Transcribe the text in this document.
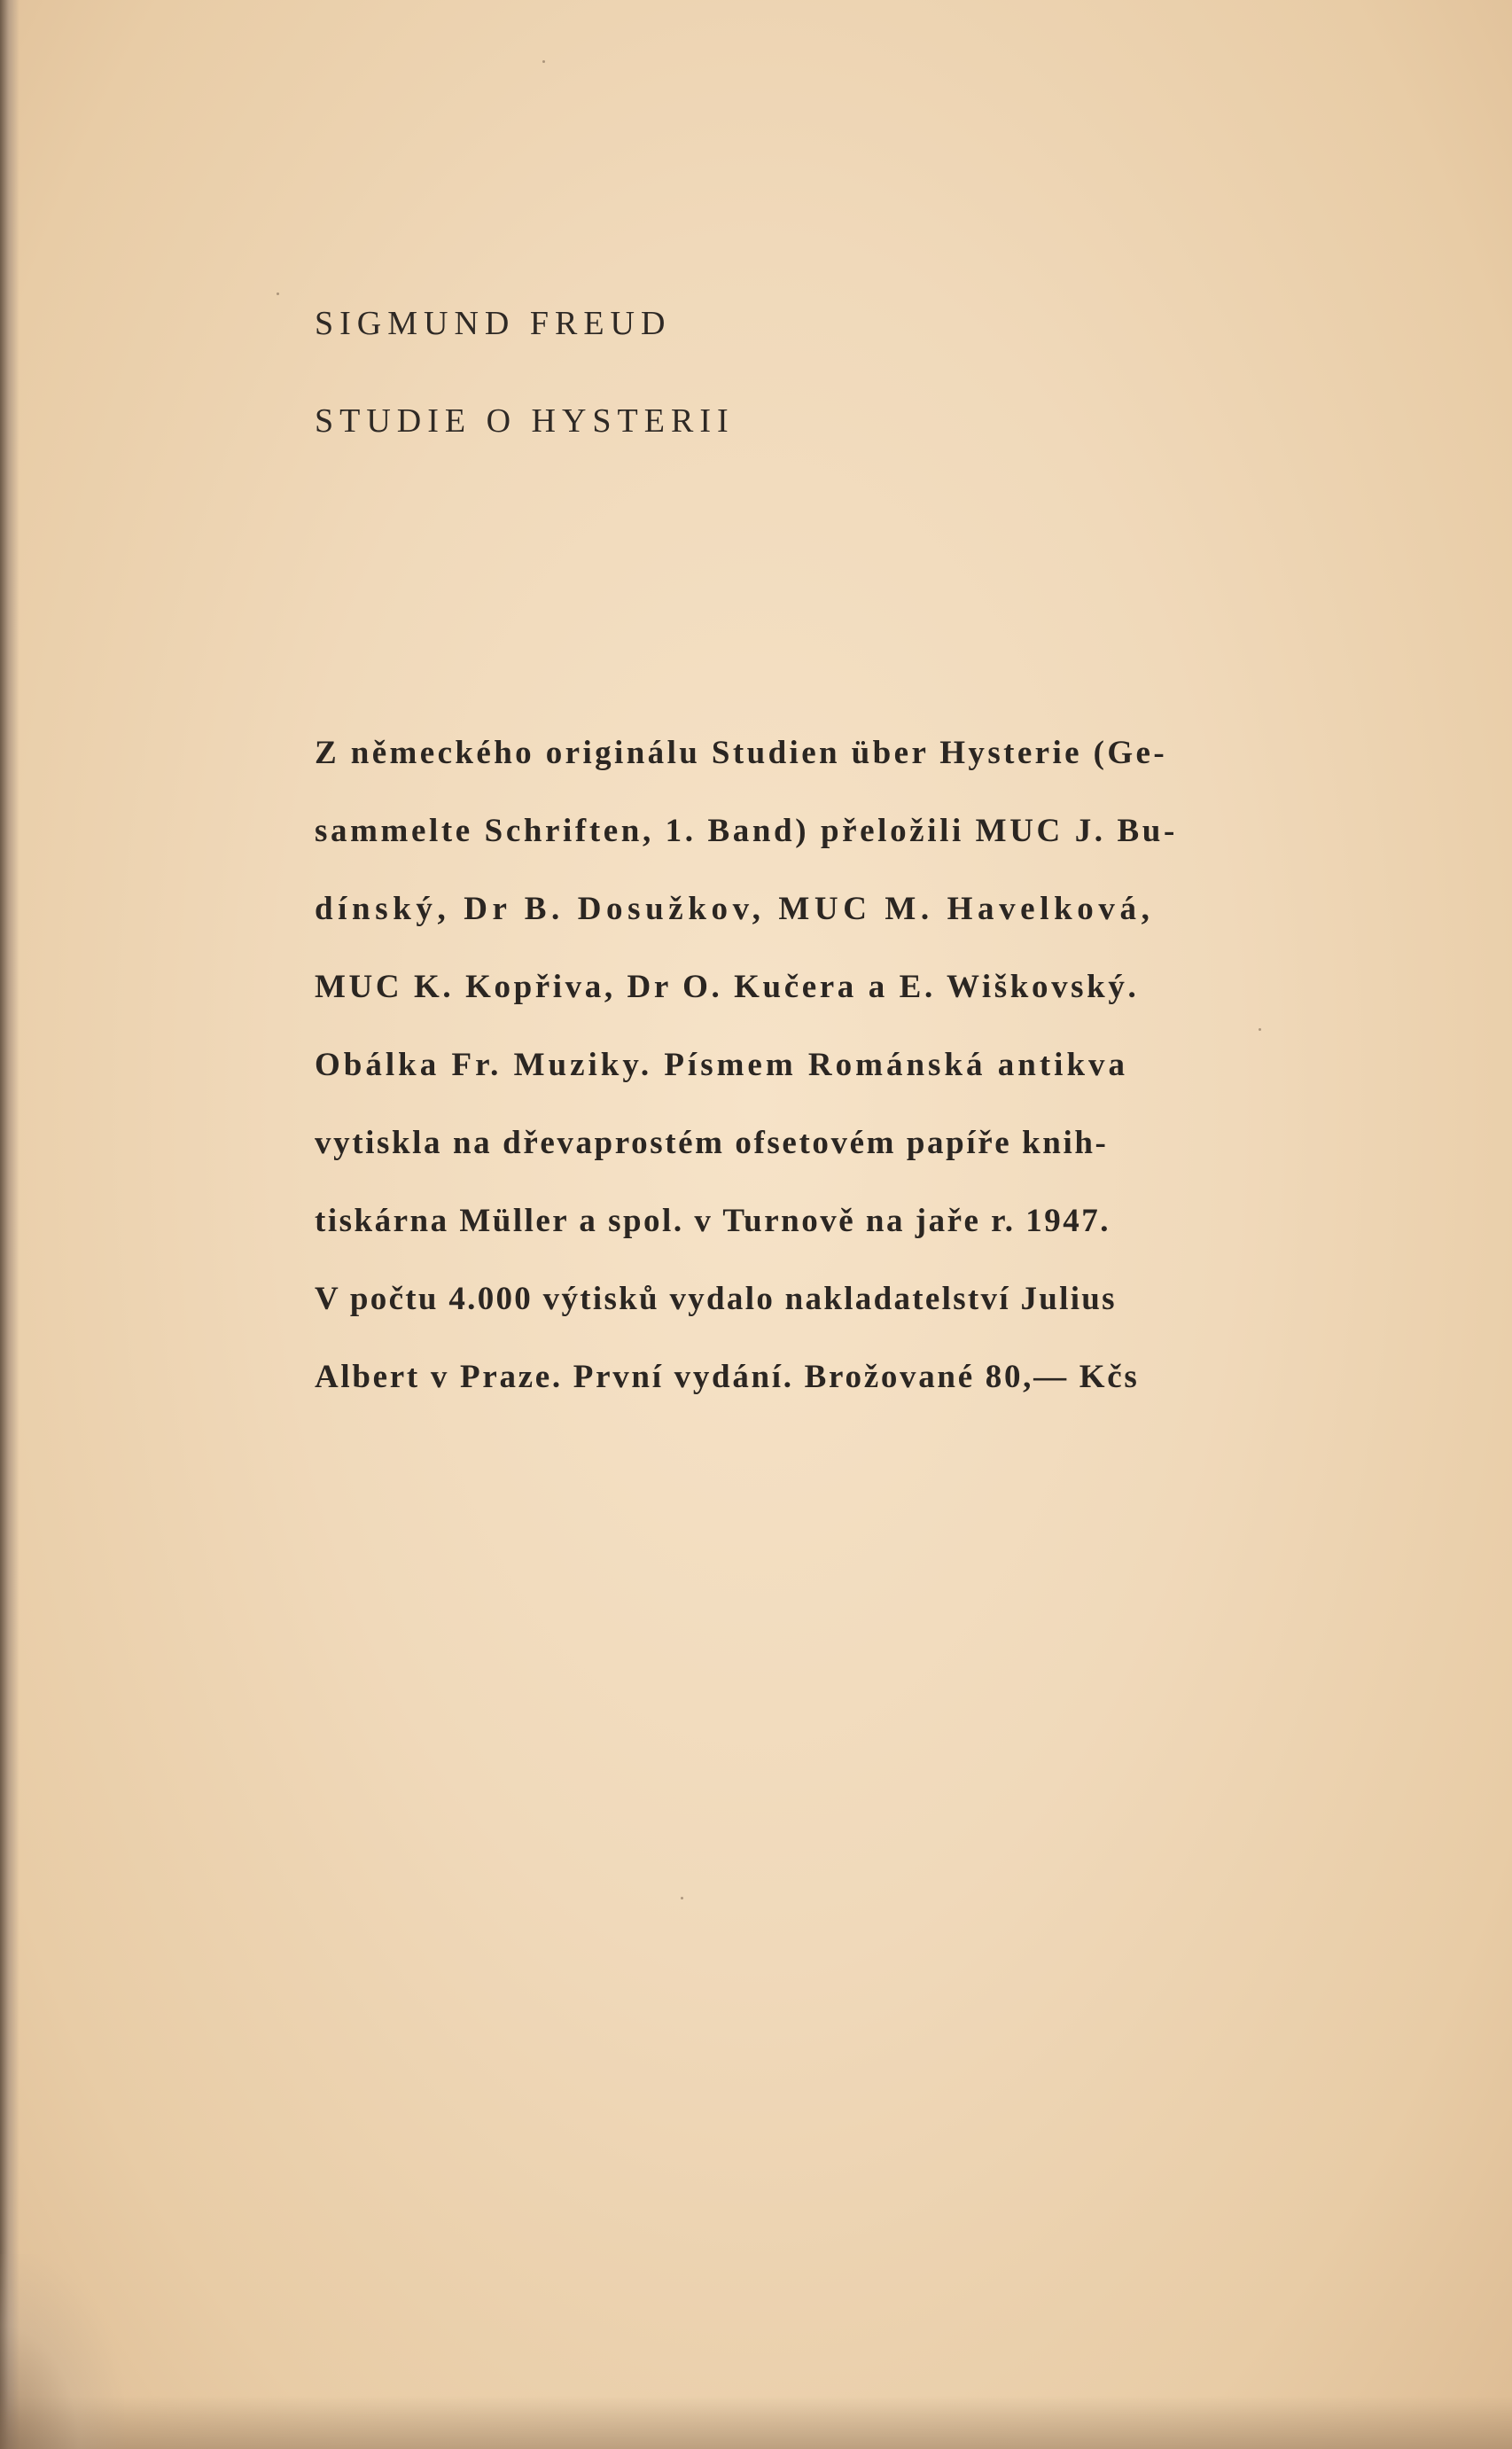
SIGMUND FREUD
STUDIE O HYSTERII
Z německého originálu Studien über Hysterie (Ge-
sammelte Schriften, 1. Band) přeložili MUC J. Bu-
dínský, Dr B. Dosužkov, MUC M. Havelková,
MUC K. Kopřiva, Dr O. Kučera a E. Wiškovský.
Obálka Fr. Muziky. Písmem Románská antikva
vytiskla na dřevaprostém ofsetovém papíře knih-
tiskárna Müller a spol. v Turnově na jaře r. 1947.
V počtu 4.000 výtisků vydalo nakladatelství Julius
Albert v Praze. První vydání. Brožované 80,— Kčs
